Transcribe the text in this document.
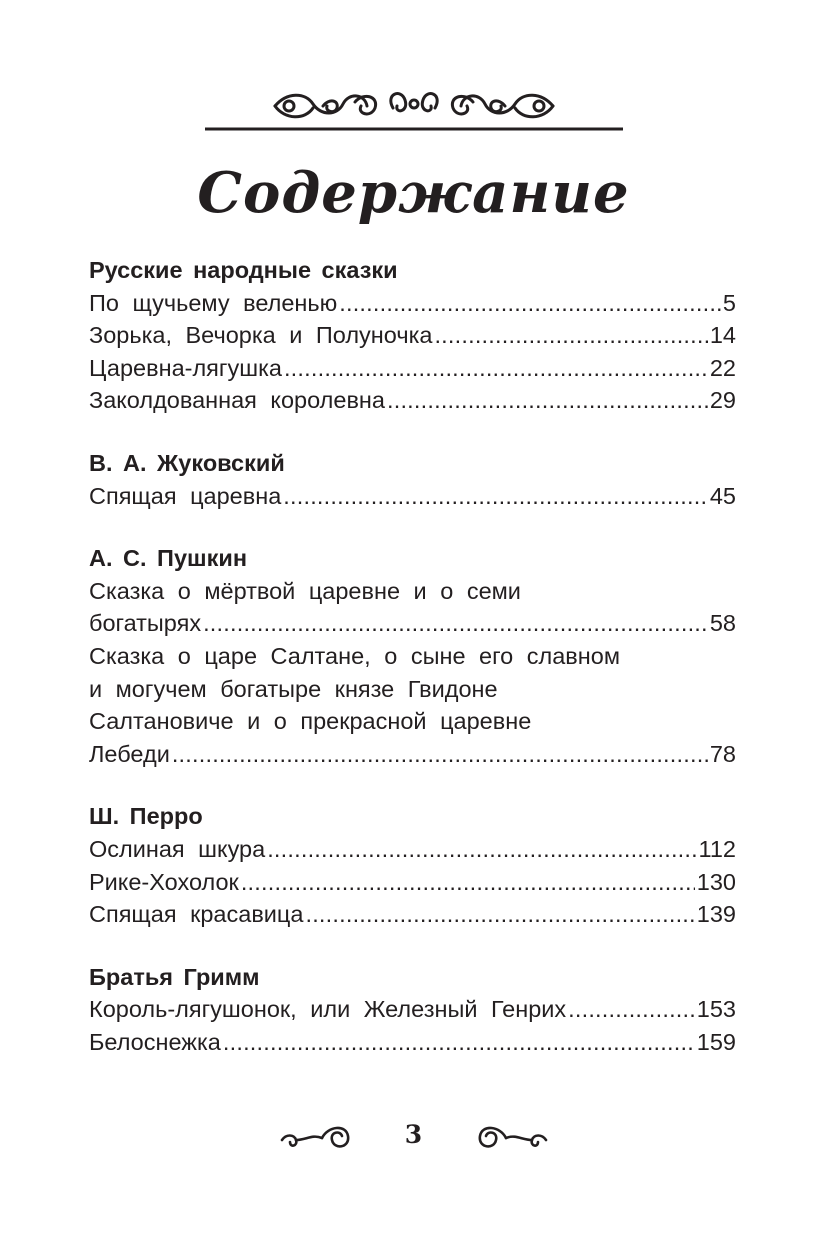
Содержание
Русские народные сказки
По щучьему веленью .....	5
Зорька, Вечорка и Полуночка .....	14
Царевна-лягушка .....	22
Заколдованная королевна .....	29
В. А. Жуковский
Спящая царевна .....	45
А. С. Пушкин
Сказка о мёртвой царевне и о семи
богатырях .....	58
Сказка о царе Салтане, о сыне его славном
и могучем богатыре князе Гвидоне
Салтановиче и о прекрасной царевне
Лебеди .....	78
Ш. Перро
Ослиная шкура .....	112
Рике-Хохолок .....	130
Спящая красавица .....	139
Братья Гримм
Король-лягушонок, или Железный Генрих .....	153
Белоснежка .....	159
3
